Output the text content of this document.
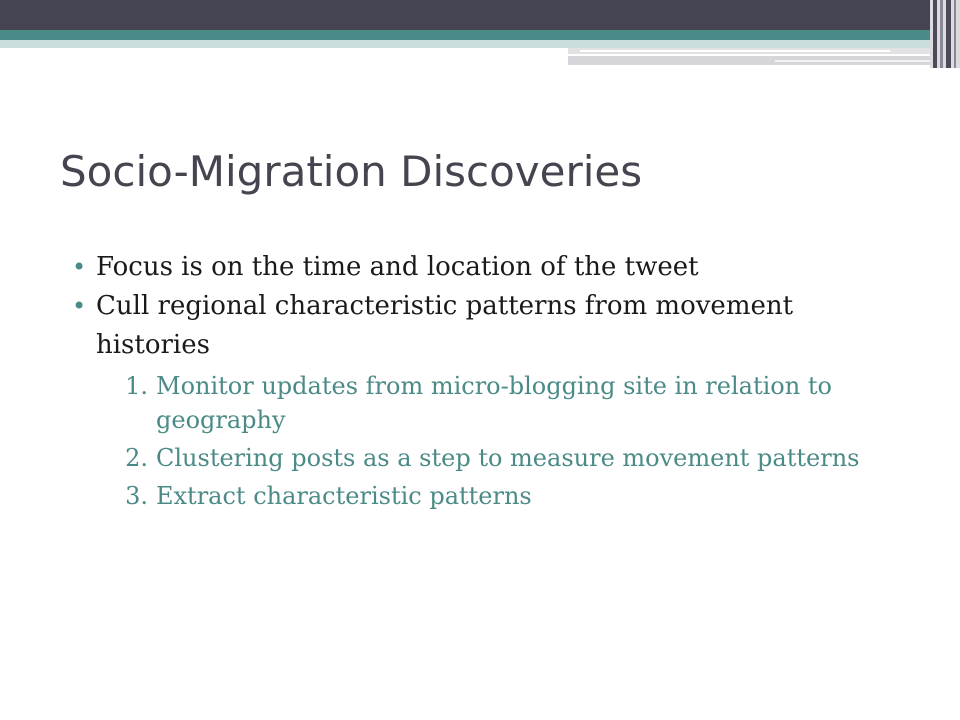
Socio-Migration Discoveries
• Focus is on the time and location of the tweet
• Cull regional characteristic patterns from movement histories
1. Monitor updates from micro-blogging site in relation to geography
2. Clustering posts as a step to measure movement patterns
3. Extract characteristic patterns
